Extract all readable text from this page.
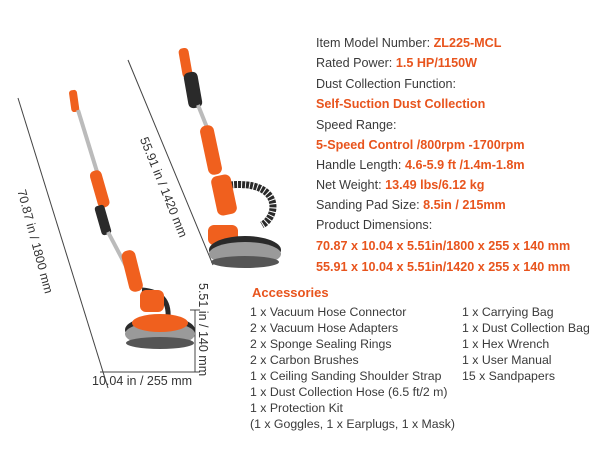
70.87 in / 1800 mm
55.91 in / 1420 mm
5.51 in / 140 mm
10.04 in / 255 mm
Item Model Number: ZL225-MCL
Rated Power: 1.5 HP/1150W
Dust Collection Function:
Self-Suction Dust Collection
Speed Range:
5-Speed Control /800rpm -1700rpm
Handle Length: 4.6-5.9 ft /1.4m-1.8m
Net Weight: 13.49 lbs/6.12 kg
Sanding Pad Size: 8.5in / 215mm
Product Dimensions:
70.87 x 10.04 x 5.51in/1800 x 255 x 140 mm
55.91 x 10.04 x 5.51in/1420 x 255 x 140 mm
Accessories
1 x Vacuum Hose Connector
2 x Vacuum Hose Adapters
2 x Sponge Sealing Rings
2 x Carbon Brushes
1 x Ceiling Sanding Shoulder Strap
1 x Dust Collection Hose (6.5 ft/2 m)
1 x Protection Kit
(1 x Goggles, 1 x Earplugs, 1 x Mask)
1 x Carrying Bag
1 x Dust Collection Bag
1 x Hex Wrench
1 x User Manual
15 x Sandpapers
